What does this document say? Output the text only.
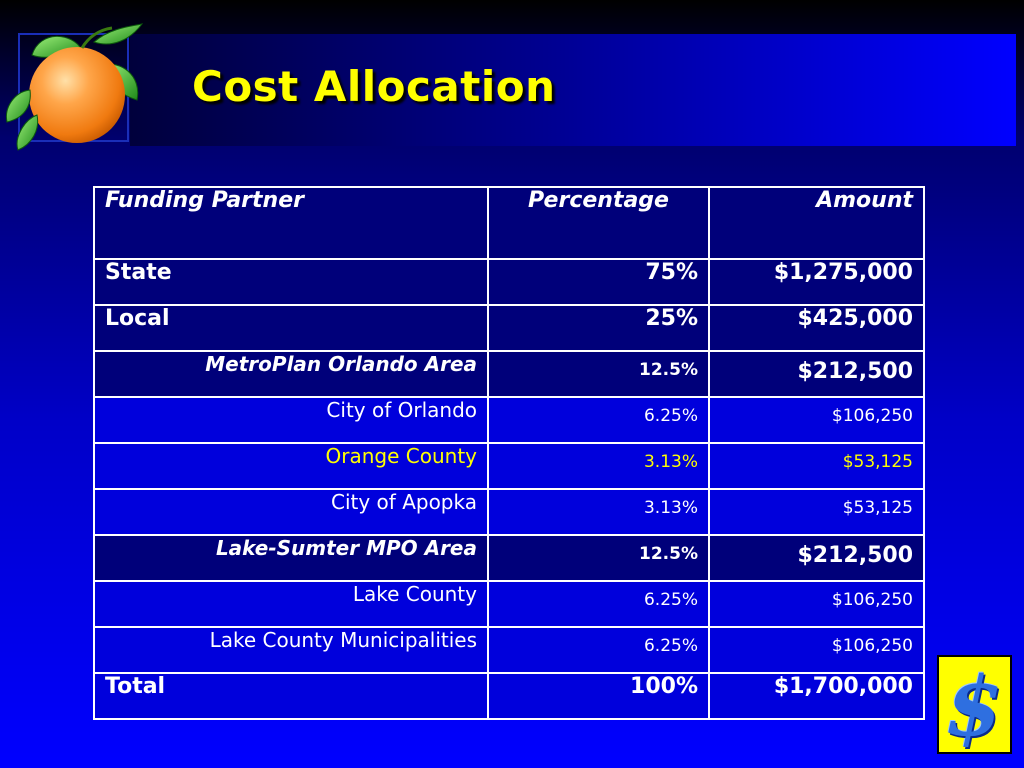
Cost Allocation
Funding Partner	Percentage	Amount
State	75%	$1,275,000
Local	25%	$425,000
MetroPlan Orlando Area	12.5%	$212,500
City of Orlando	6.25%	$106,250
Orange County	3.13%	$53,125
City of Apopka	3.13%	$53,125
Lake-Sumter MPO Area	12.5%	$212,500
Lake County	6.25%	$106,250
Lake County Municipalities	6.25%	$106,250
Total	100%	$1,700,000 $
